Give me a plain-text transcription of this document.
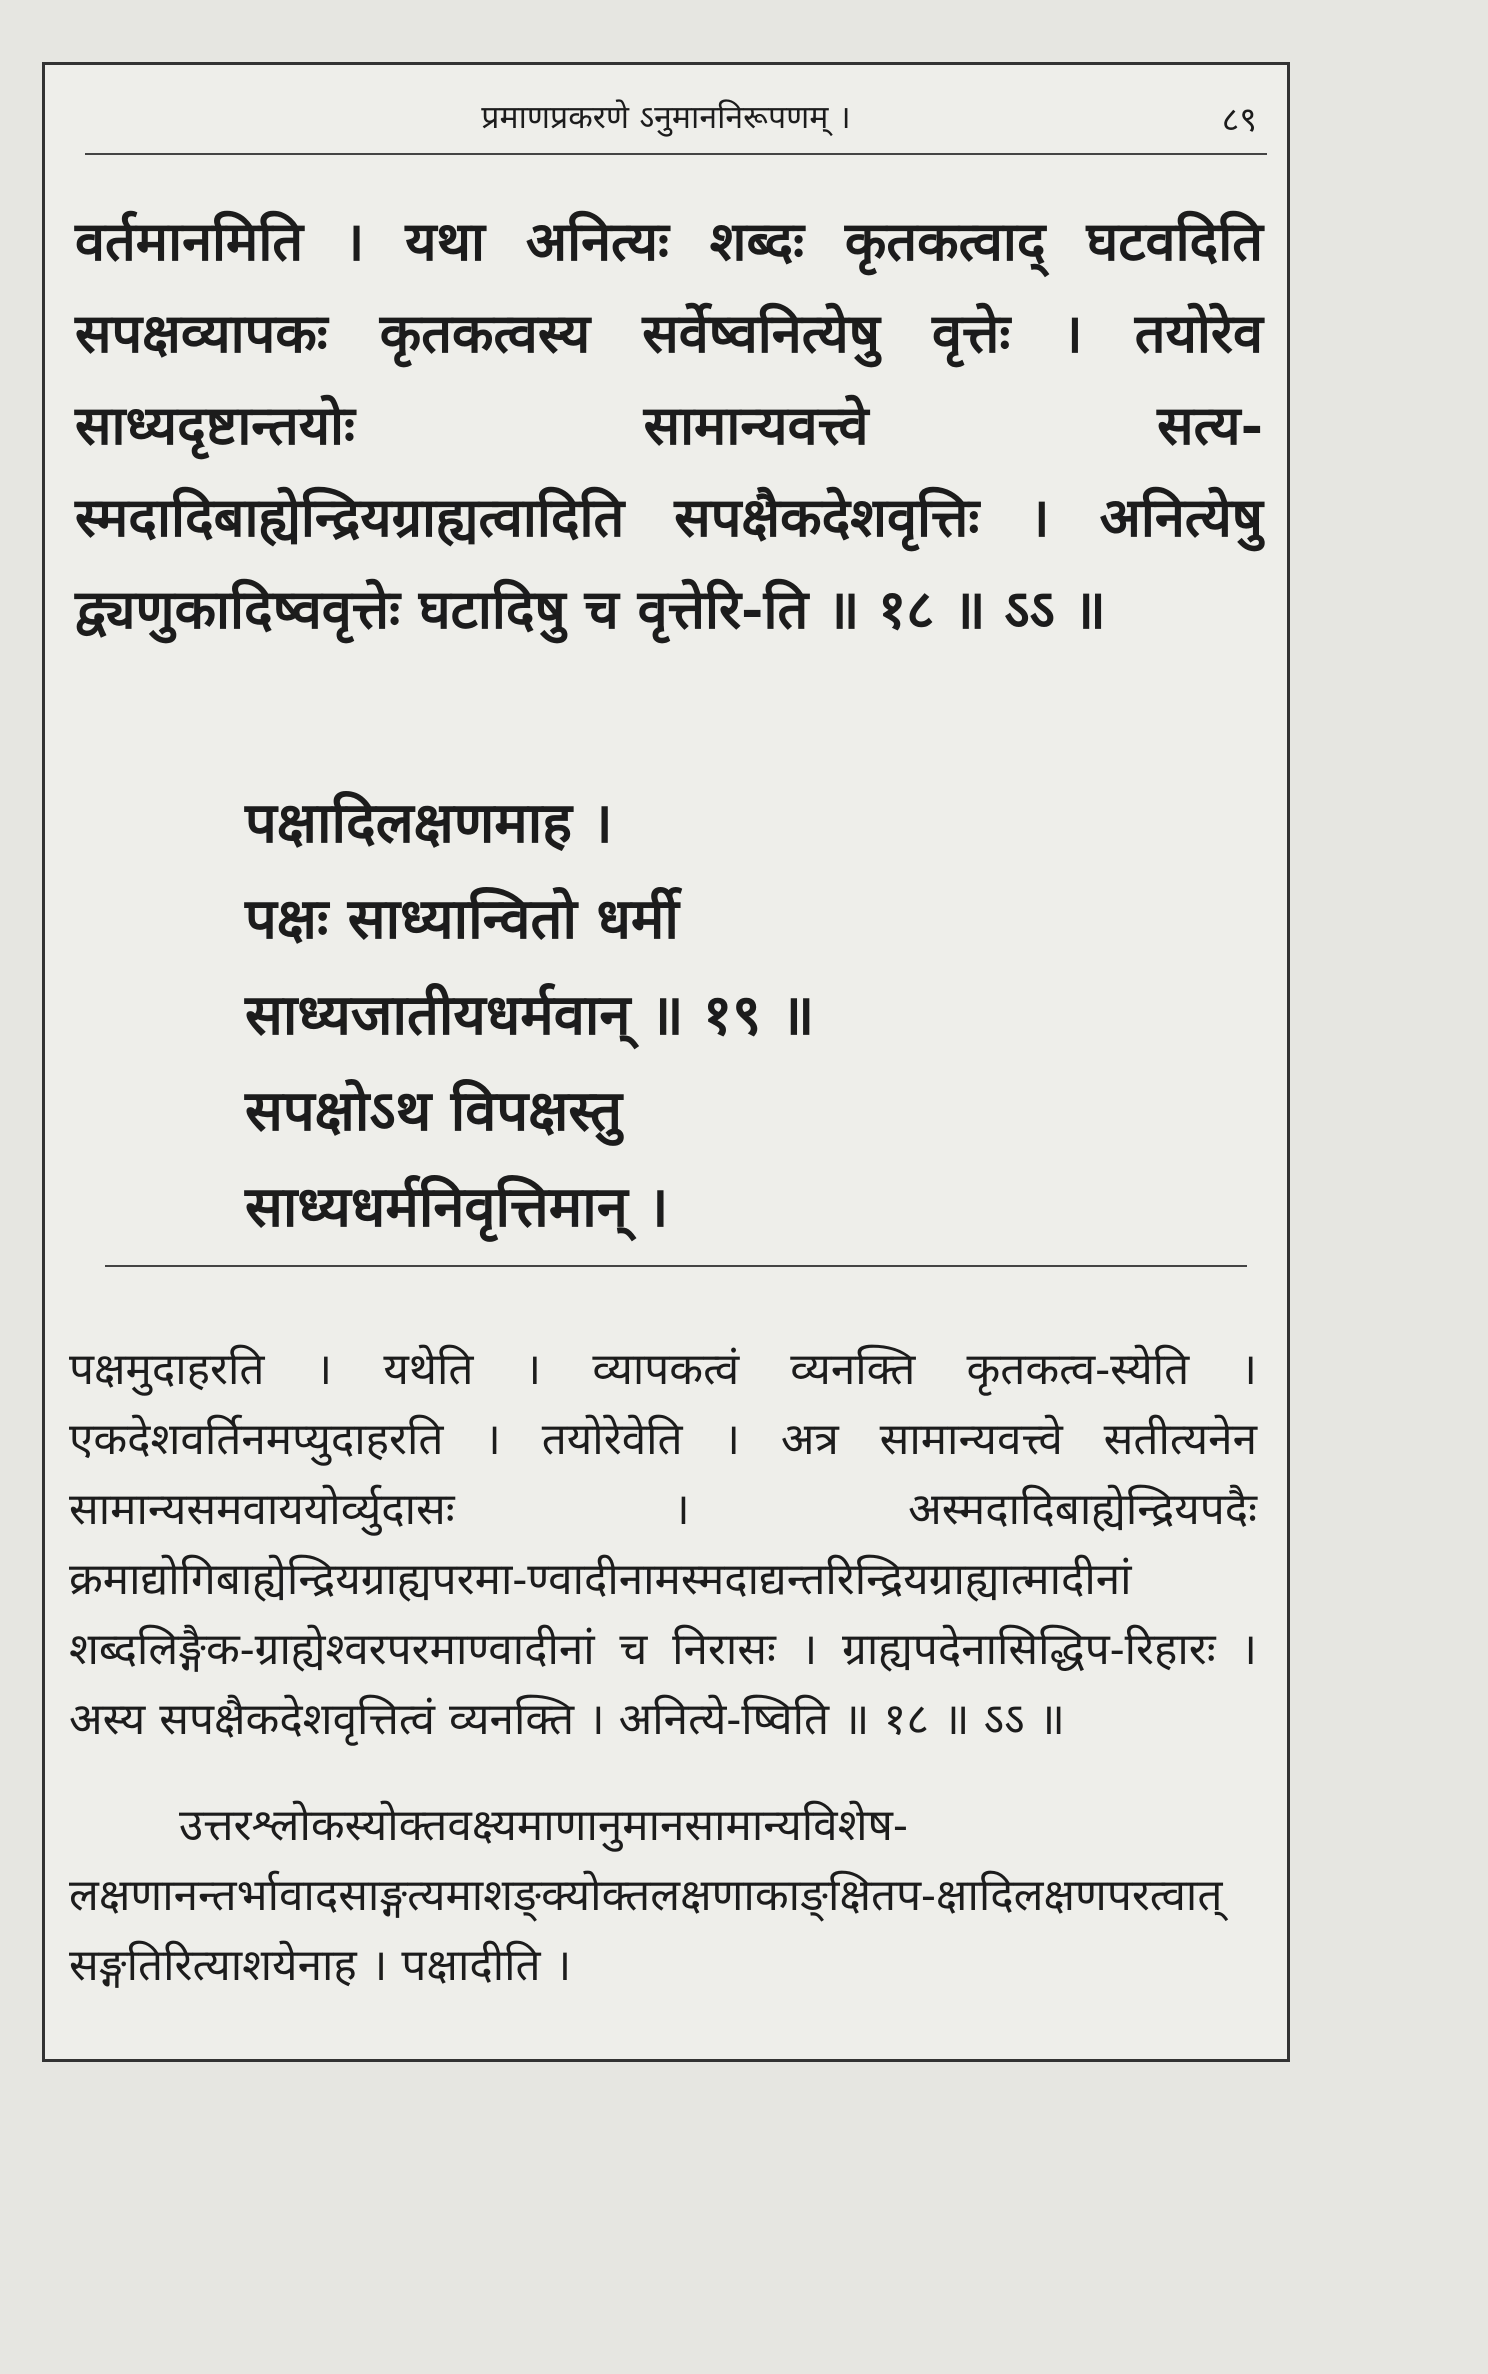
प्रमाणप्रकरणे ऽनुमाननिरूपणम् ।	८९

वर्तमानमिति । यथा अनित्यः शब्दः कृतकत्वाद् घटवदिति सपक्षव्यापकः कृतकत्वस्य सर्वेष्वनित्येषु वृत्तेः । तयोरेव साध्यदृष्टान्तयोः सामान्यवत्त्वे सत्य-स्मदादिबाह्येन्द्रियग्राह्यत्वादिति सपक्षैकदेशवृत्तिः । अनित्येषु द्व्यणुकादिष्ववृत्तेः घटादिषु च वृत्तेरि-ति ॥ १८ ॥ ऽऽ ॥

पक्षादिलक्षणमाह ।
पक्षः साध्यान्वितो धर्मी
साध्यजातीयधर्मवान् ॥ १९ ॥
सपक्षोऽथ विपक्षस्तु
साध्यधर्मनिवृत्तिमान् ।

पक्षमुदाहरति । यथेति । व्यापकत्वं व्यनक्ति कृतकत्व-स्येति । एकदेशवर्तिनमप्युदाहरति । तयोरेवेति । अत्र सामान्यवत्त्वे सतीत्यनेन सामान्यसमवाययोर्व्युदासः । अस्मदादिबाह्येन्द्रियपदैः क्रमाद्योगिबाह्येन्द्रियग्राह्यपरमा-ण्वादीनामस्मदाद्यन्तरिन्द्रियग्राह्यात्मादीनां शब्दलिङ्गैक-ग्राह्येश्वरपरमाण्वादीनां च निरासः । ग्राह्यपदेनासिद्धिप-रिहारः । अस्य सपक्षैकदेशवृत्तित्वं व्यनक्ति । अनित्ये-ष्विति ॥ १८ ॥ ऽऽ ॥

उत्तरश्लोकस्योक्तवक्ष्यमाणानुमानसामान्यविशेष-लक्षणानन्तर्भावादसाङ्गत्यमाशङ्क्योक्तलक्षणाकाङ्क्षितप-क्षादिलक्षणपरत्वात् सङ्गतिरित्याशयेनाह । पक्षादीति ।
